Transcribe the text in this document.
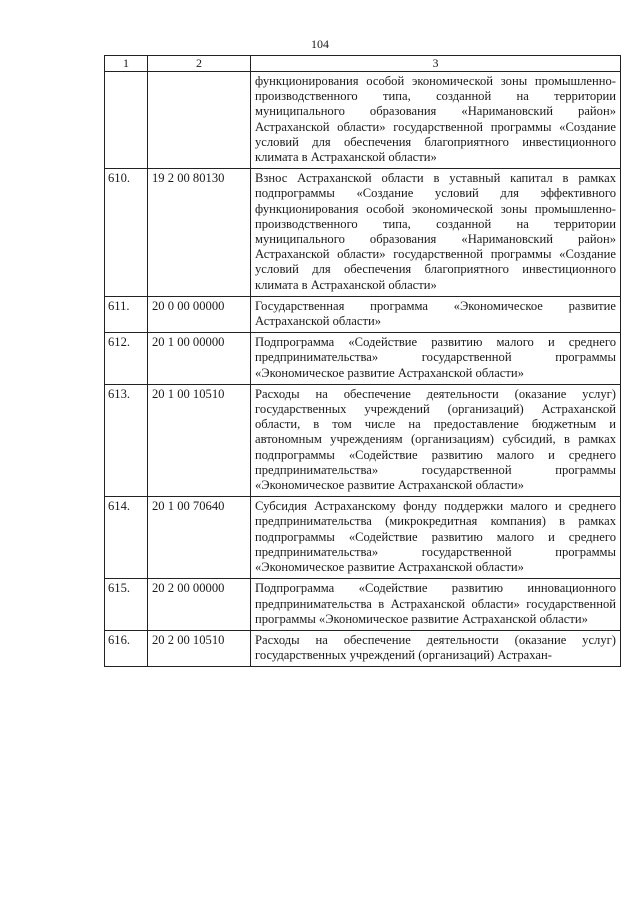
104
1	2	3
		функционирования особой экономической зоны промышленно-производственного типа, созданной на территории муниципального образования «Наримановский район» Астраханской области» государственной программы «Создание условий для обеспечения благоприятного инвестиционного климата в Астраханской области»
610.	19 2 00 80130	Взнос Астраханской области в уставный капитал в рамках подпрограммы «Создание условий для эффективного функционирования особой экономической зоны промышленно-производственного типа, созданной на территории муниципального образования «Наримановский район» Астраханской области» государственной программы «Создание условий для обеспечения благоприятного инвестиционного климата в Астраханской области»
611.	20 0 00 00000	Государственная программа «Экономическое развитие Астраханской области»
612.	20 1 00 00000	Подпрограмма «Содействие развитию малого и среднего предпринимательства» государственной программы «Экономическое развитие Астраханской области»
613.	20 1 00 10510	Расходы на обеспечение деятельности (оказание услуг) государственных учреждений (организаций) Астраханской области, в том числе на предоставление бюджетным и автономным учреждениям (организациям) субсидий, в рамках подпрограммы «Содействие развитию малого и среднего предпринимательства» государственной программы «Экономическое развитие Астраханской области»
614.	20 1 00 70640	Субсидия Астраханскому фонду поддержки малого и среднего предпринимательства (микрокредитная компания) в рамках подпрограммы «Содействие развитию малого и среднего предпринимательства» государственной программы «Экономическое развитие Астраханской области»
615.	20 2 00 00000	Подпрограмма «Содействие развитию инновационного предпринимательства в Астраханской области» государственной программы «Экономическое развитие Астраханской области»
616.	20 2 00 10510	Расходы на обеспечение деятельности (оказание услуг) государственных учреждений (организаций) Астрахан-
